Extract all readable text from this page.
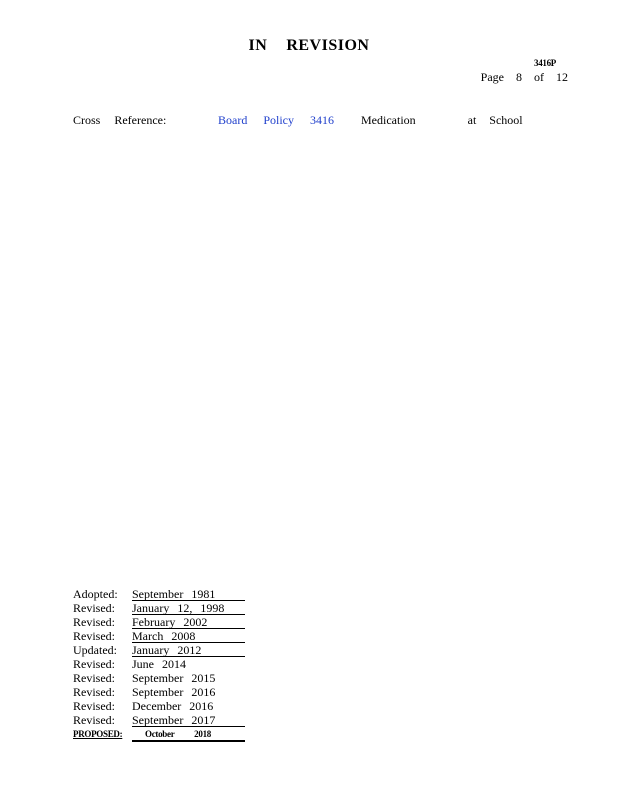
IN  REVISION
3416P
Page  8  of  12
Cross  Reference:	Board  Policy  3416 Medication    at School
Adopted: September 1981
Revised: January 12, 1998
Revised: February 2002
Revised: March 2008
Updated: January 2012
Revised: June 2014
Revised: September 2015
Revised: September 2016
Revised: December 2016
Revised: September 2017
PROPOSED:	October 2018
